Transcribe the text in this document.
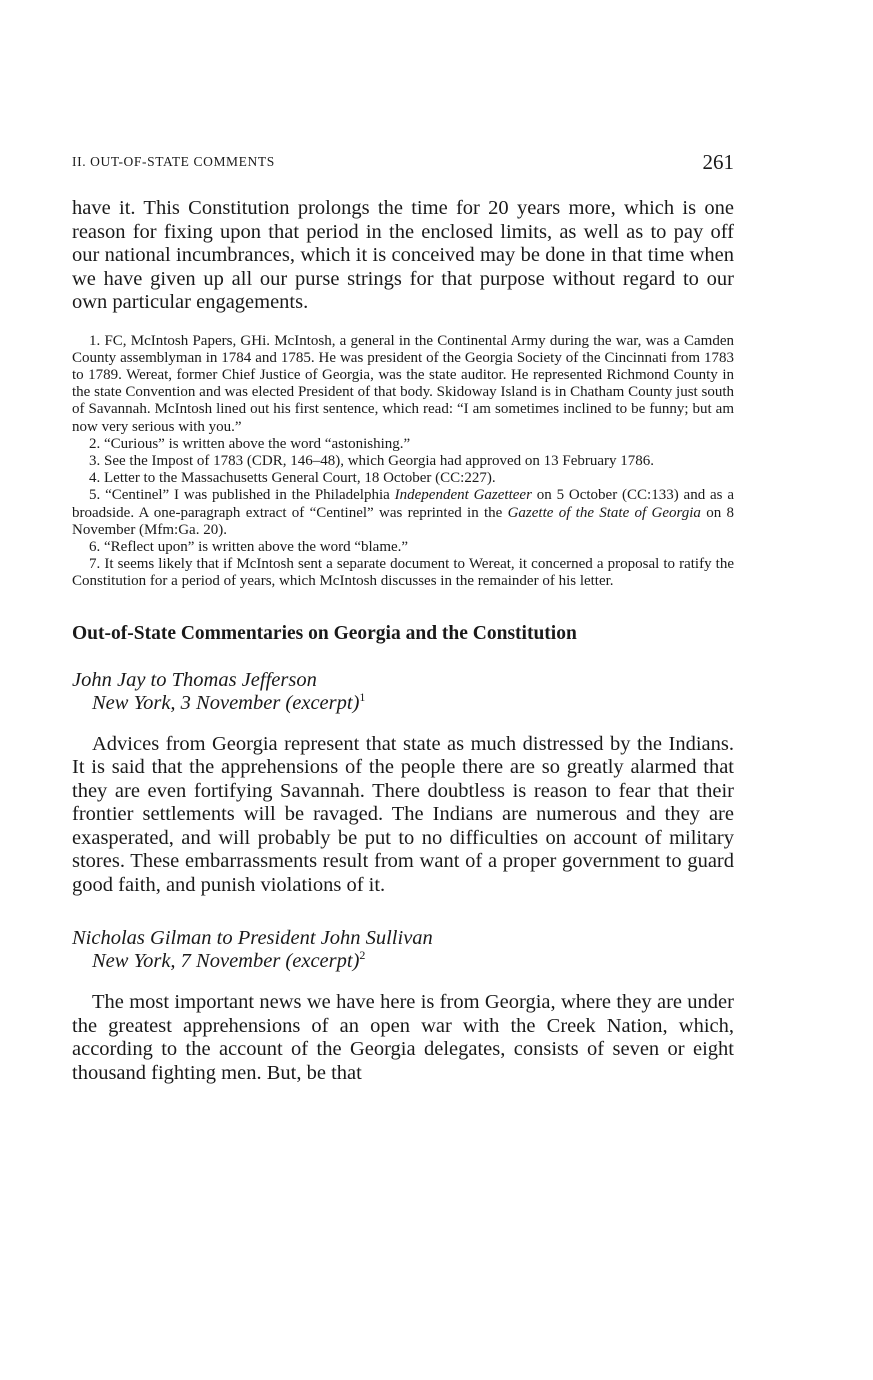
II. OUT-OF-STATE COMMENTS	261

have it. This Constitution prolongs the time for 20 years more, which is one reason for fixing upon that period in the enclosed limits, as well as to pay off our national incumbrances, which it is conceived may be done in that time when we have given up all our purse strings for that purpose without regard to our own particular engagements.

1. FC, McIntosh Papers, GHi. McIntosh, a general in the Continental Army during the war, was a Camden County assemblyman in 1784 and 1785. He was president of the Georgia Society of the Cincinnati from 1783 to 1789. Wereat, former Chief Justice of Georgia, was the state auditor. He represented Richmond County in the state Convention and was elected President of that body. Skidoway Island is in Chatham County just south of Savannah. McIntosh lined out his first sentence, which read: “I am sometimes inclined to be funny; but am now very serious with you.”

2. “Curious” is written above the word “astonishing.”

3. See the Impost of 1783 (CDR, 146–48), which Georgia had approved on 13 February 1786.

4. Letter to the Massachusetts General Court, 18 October (CC:227).

5. “Centinel” I was published in the Philadelphia Independent Gazetteer on 5 October (CC:133) and as a broadside. A one-paragraph extract of “Centinel” was reprinted in the Gazette of the State of Georgia on 8 November (Mfm:Ga. 20).

6. “Reflect upon” is written above the word “blame.”

7. It seems likely that if McIntosh sent a separate document to Wereat, it concerned a proposal to ratify the Constitution for a period of years, which McIntosh discusses in the remainder of his letter.

Out-of-State Commentaries on Georgia and the Constitution

John Jay to Thomas Jefferson

New York, 3 November (excerpt)$^1$

Advices from Georgia represent that state as much distressed by the Indians. It is said that the apprehensions of the people there are so greatly alarmed that they are even fortifying Savannah. There doubtless is reason to fear that their frontier settlements will be ravaged. The Indians are numerous and they are exasperated, and will probably be put to no difficulties on account of military stores. These embarrassments result from want of a proper government to guard good faith, and punish violations of it.

Nicholas Gilman to President John Sullivan

New York, 7 November (excerpt)$^2$

The most important news we have here is from Georgia, where they are under the greatest apprehensions of an open war with the Creek Nation, which, according to the account of the Georgia delegates, consists of seven or eight thousand fighting men. But, be that
